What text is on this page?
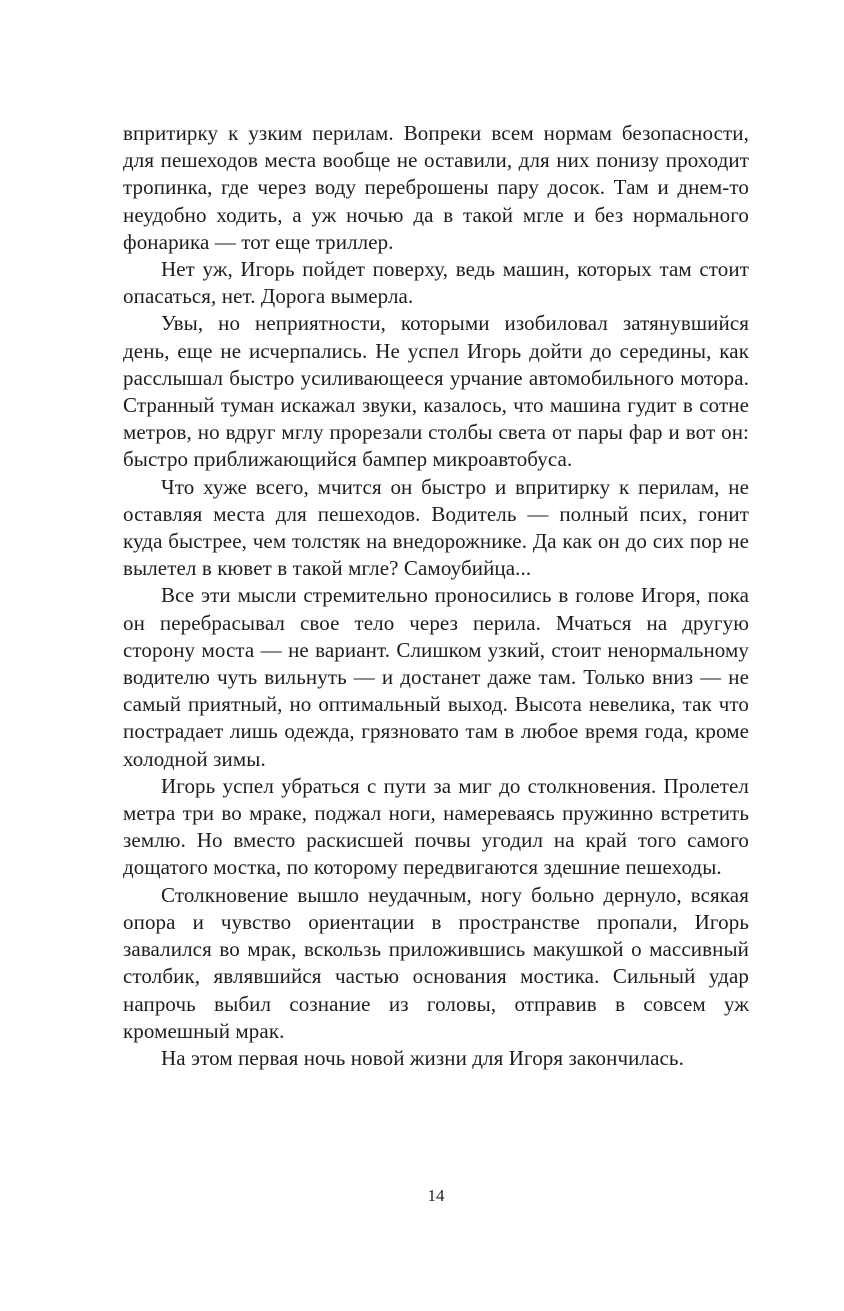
впритирку к узким перилам. Вопреки всем нормам безопасности, для пешеходов места вообще не оставили, для них понизу проходит тропинка, где через воду переброшены пару досок. Там и днем-то неудобно ходить, а уж ночью да в такой мгле и без нормального фонарика — тот еще триллер.

Нет уж, Игорь пойдет поверху, ведь машин, которых там стоит опасаться, нет. Дорога вымерла.

Увы, но неприятности, которыми изобиловал затянувшийся день, еще не исчерпались. Не успел Игорь дойти до середины, как расслышал быстро усиливающееся урчание автомобильного мотора. Странный туман искажал звуки, казалось, что машина гудит в сотне метров, но вдруг мглу прорезали столбы света от пары фар и вот он: быстро приближающийся бампер микроавтобуса.

Что хуже всего, мчится он быстро и впритирку к перилам, не оставляя места для пешеходов. Водитель — полный псих, гонит куда быстрее, чем толстяк на внедорожнике. Да как он до сих пор не вылетел в кювет в такой мгле? Самоубийца...

Все эти мысли стремительно проносились в голове Игоря, пока он перебрасывал свое тело через перила. Мчаться на другую сторону моста — не вариант. Слишком узкий, стоит ненормальному водителю чуть вильнуть — и достанет даже там. Только вниз — не самый приятный, но оптимальный выход. Высота невелика, так что пострадает лишь одежда, грязновато там в любое время года, кроме холодной зимы.

Игорь успел убраться с пути за миг до столкновения. Пролетел метра три во мраке, поджал ноги, намереваясь пружинно встретить землю. Но вместо раскисшей почвы угодил на край того самого дощатого мостка, по которому передвигаются здешние пешеходы.

Столкновение вышло неудачным, ногу больно дернуло, всякая опора и чувство ориентации в пространстве пропали, Игорь завалился во мрак, вскользь приложившись макушкой о массивный столбик, являвшийся частью основания мостика. Сильный удар напрочь выбил сознание из головы, отправив в совсем уж кромешный мрак.

На этом первая ночь новой жизни для Игоря закончилась.

14
